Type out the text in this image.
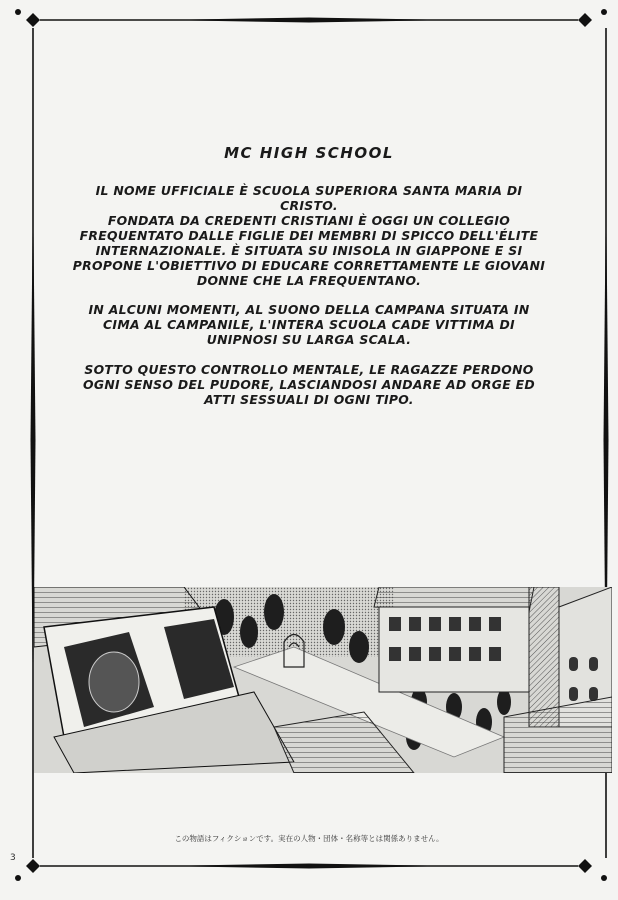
MC HIGH SCHOOL

IL NOME UFFICIALE È SCUOLA SUPERIORA SANTA MARIA DI CRISTO.

FONDATA DA CREDENTI CRISTIANI È OGGI UN COLLEGIO FREQUENTATO DALLE FIGLIE DEI MEMBRI DI SPICCO DELL'ÉLITE INTERNAZIONALE. È SITUATA SU INISOLA IN GIAPPONE E SI PROPONE L'OBIETTIVO DI EDUCARE CORRETTAMENTE LE GIOVANI DONNE CHE LA FREQUENTANO.

IN ALCUNI MOMENTI, AL SUONO DELLA CAMPANA SITUATA IN CIMA AL CAMPANILE, L'INTERA SCUOLA CADE VITTIMA DI UNIPNOSI SU LARGA SCALA.

SOTTO QUESTO CONTROLLO MENTALE, LE RAGAZZE PERDONO OGNI SENSO DEL PUDORE, LASCIANDOSI ANDARE AD ORGE ED ATTI SESSUALI DI OGNI TIPO.

この物語はフィクションです。実在の人物・団体・名称等とは関係ありません。
3
